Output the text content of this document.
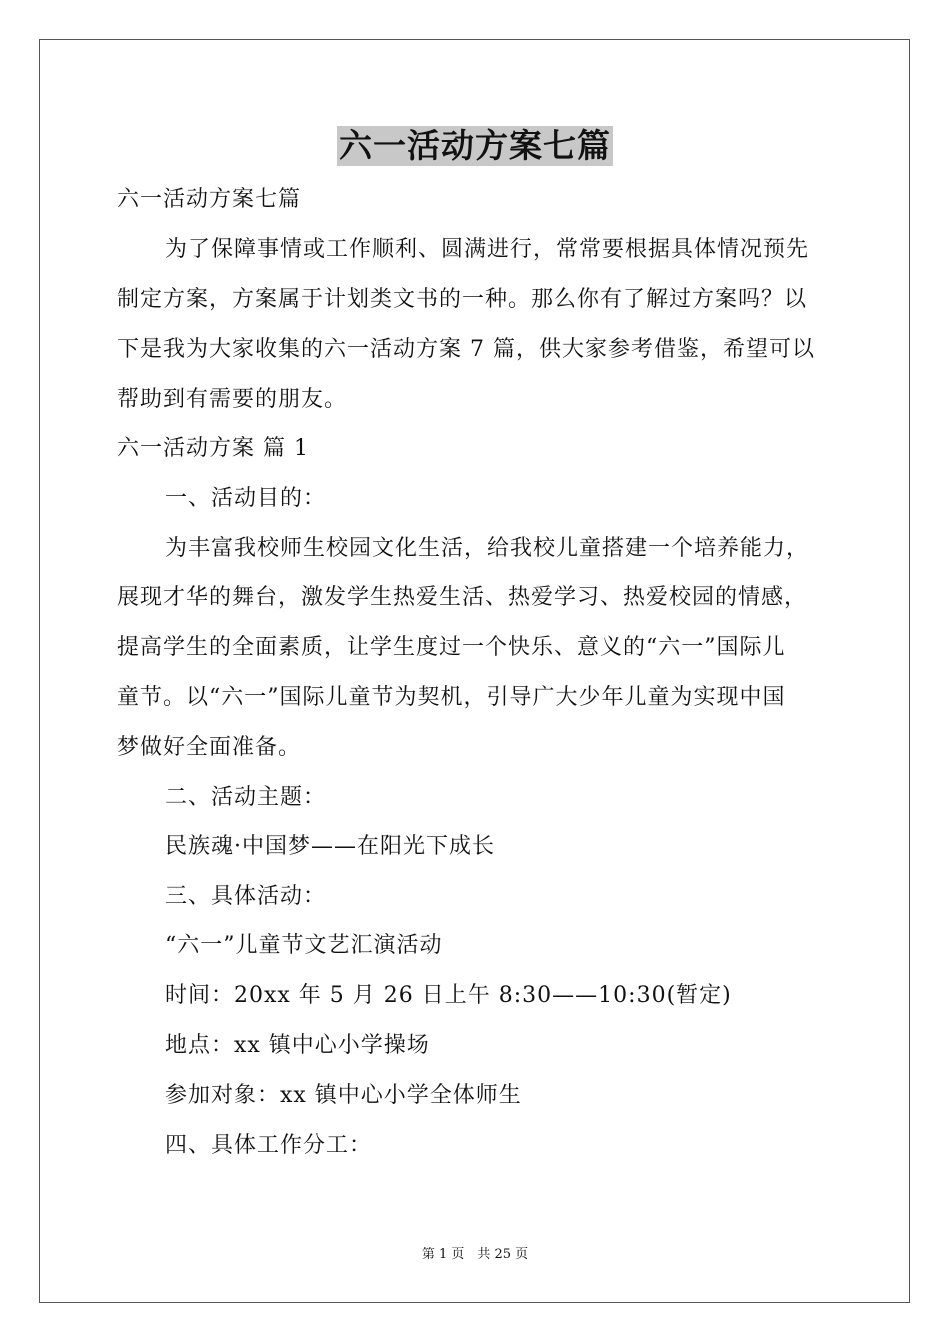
六一活动方案七篇
六一活动方案七篇
为了保障事情或工作顺利、圆满进行，常常要根据具体情况预先
制定方案，方案属于计划类文书的一种。那么你有了解过方案吗？以
下是我为大家收集的六一活动方案 7 篇，供大家参考借鉴，希望可以
帮助到有需要的朋友。
六一活动方案 篇 1
一、活动目的：
为丰富我校师生校园文化生活，给我校儿童搭建一个培养能力，
展现才华的舞台，激发学生热爱生活、热爱学习、热爱校园的情感，
提高学生的全面素质，让学生度过一个快乐、意义的“六一”国际儿
童节。以“六一”国际儿童节为契机，引导广大少年儿童为实现中国
梦做好全面准备。
二、活动主题：
民族魂·中国梦——在阳光下成长
三、具体活动：
“六一”儿童节文艺汇演活动
时间：20xx 年 5 月 26 日上午 8:30——10:30(暂定)
地点：xx 镇中心小学操场
参加对象：xx 镇中心小学全体师生
四、具体工作分工：
第 1 页　共 25 页
